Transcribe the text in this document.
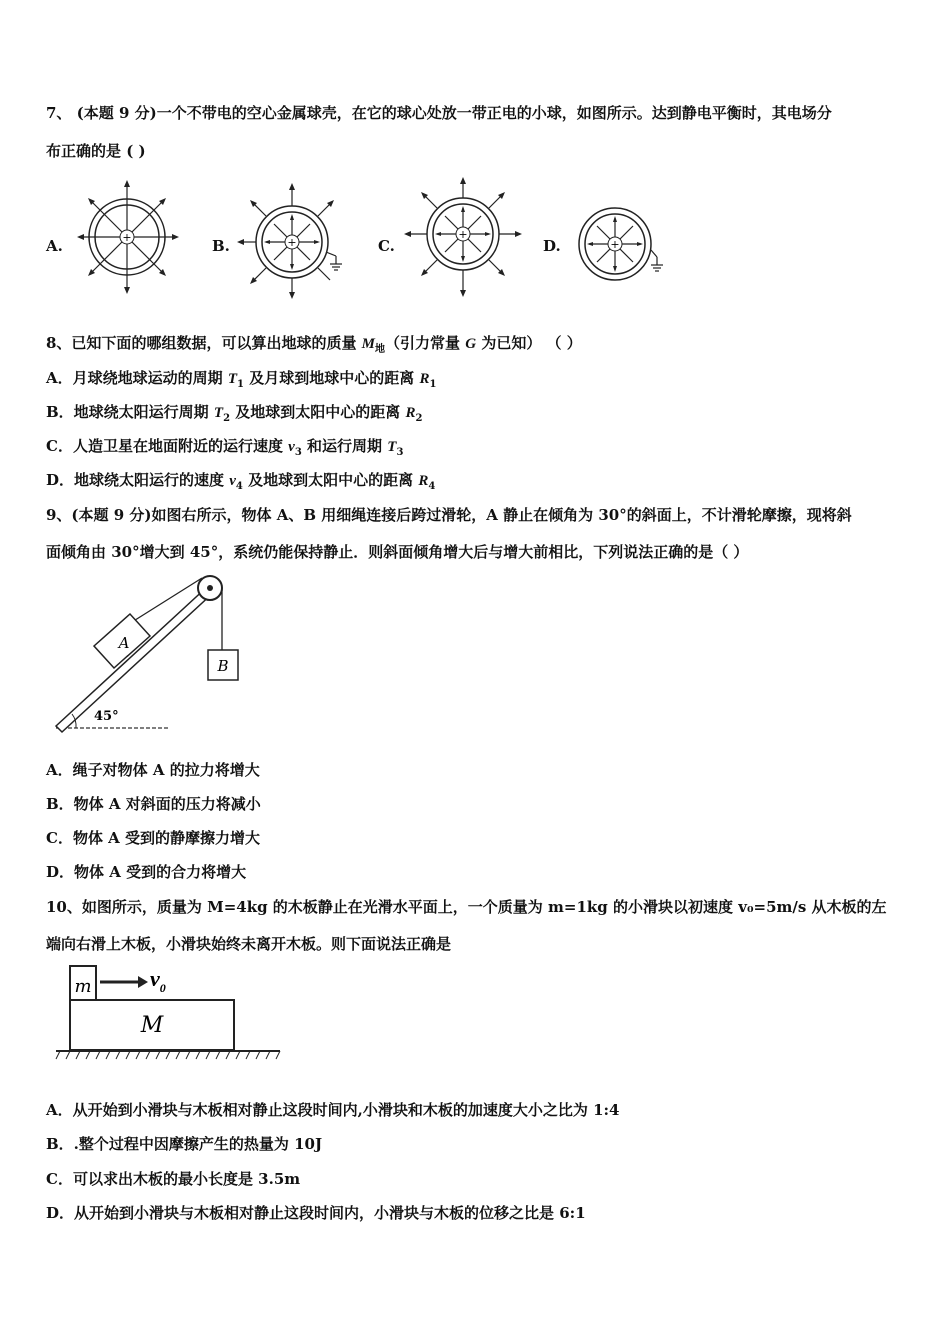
7、 (本题 9 分)一个不带电的空心金属球壳，在它的球心处放一带正电的小球，如图所示。达到静电平衡时，其电场分
布正确的是 ( )
A.	+	B.	+	C.
+
D.	+
8、已知下面的哪组数据，可以算出地球的质量 $M_地$（引力常量 G 为已知） （ ）
A．月球绕地球运动的周期 $T_1$ 及月球到地球中心的距离 $R_1$
B．地球绕太阳运行周期 $T_2$ 及地球到太阳中心的距离 $R_2$
C．人造卫星在地面附近的运行速度 $v_3$ 和运行周期 $T_3$
D．地球绕太阳运行的速度 $v_4$ 及地球到太阳中心的距离 $R_4$
9、(本题 9 分)如图右所示，物体 A、B 用细绳连接后跨过滑轮，A 静止在倾角为 30°的斜面上，不计滑轮摩擦，现将斜
面倾角由 30°增大到 45°，系统仍能保持静止．则斜面倾角增大后与增大前相比，下列说法正确的是（ ）
A
B
45°
A．绳子对物体 A 的拉力将增大
B．物体 A 对斜面的压力将减小
C．物体 A 受到的静摩擦力增大
D．物体 A 受到的合力将增大
10、如图所示，质量为 M=4kg 的木板静止在光滑水平面上，一个质量为 m=1kg 的小滑块以初速度 v₀=5m/s 从木板的左
端向右滑上木板，小滑块始终未离开木板。则下面说法正确是
m	$v_0$
M
A．从开始到小滑块与木板相对静止这段时间内,小滑块和木板的加速度大小之比为 1:4
B．.整个过程中因摩擦产生的热量为 10J
C．可以求出木板的最小长度是 3.5m
D．从开始到小滑块与木板相对静止这段时间内，小滑块与木板的位移之比是 6:1
